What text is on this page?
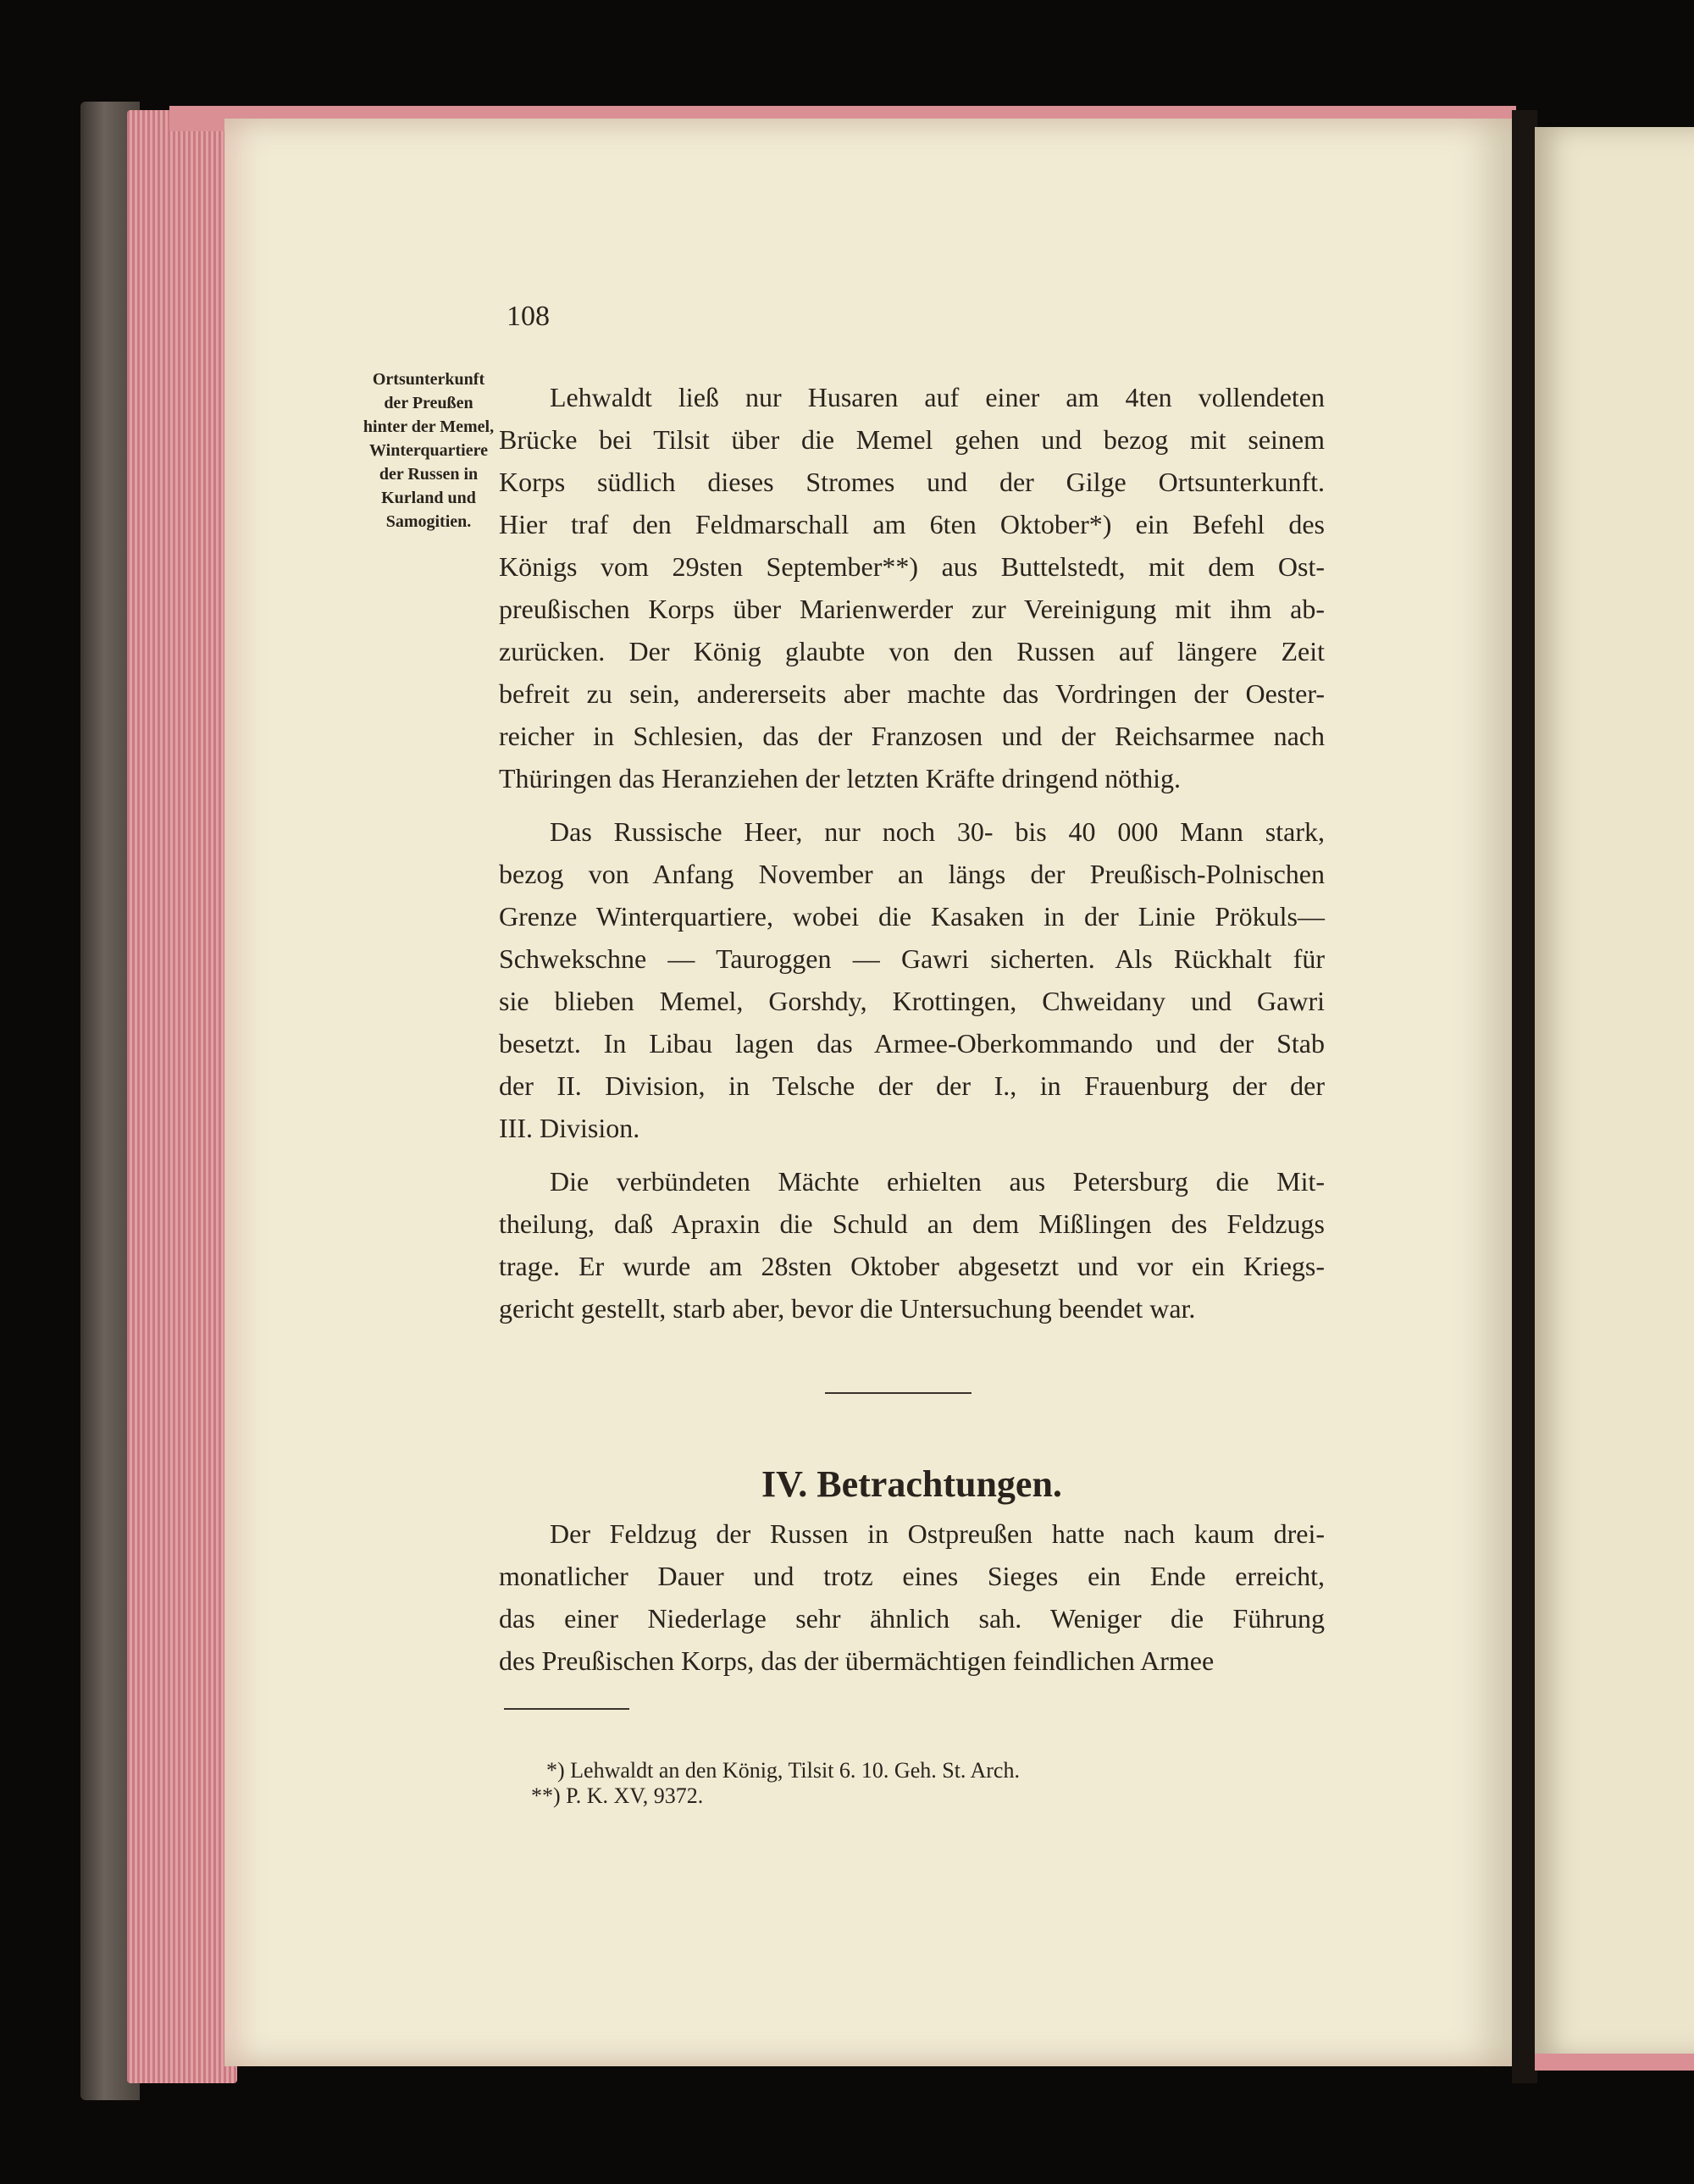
108
Ortsunterkunft
der Preußen
hinter der Memel,
Winterquartiere
der Russen in
Kurland und
Samogitien.
Lehwaldt ließ nur Husaren auf einer am 4ten vollendeten
Brücke bei Tilsit über die Memel gehen und bezog mit seinem
Korps südlich dieses Stromes und der Gilge Ortsunterkunft.
Hier traf den Feldmarschall am 6ten Oktober*) ein Befehl des
Königs vom 29sten September**) aus Buttelstedt, mit dem Ost-
preußischen Korps über Marienwerder zur Vereinigung mit ihm ab-
zurücken. Der König glaubte von den Russen auf längere Zeit
befreit zu sein, andererseits aber machte das Vordringen der Oester-
reicher in Schlesien, das der Franzosen und der Reichsarmee nach
Thüringen das Heranziehen der letzten Kräfte dringend nöthig.
Das Russische Heer, nur noch 30- bis 40 000 Mann stark,
bezog von Anfang November an längs der Preußisch-Polnischen
Grenze Winterquartiere, wobei die Kasaken in der Linie Prökuls—
Schwekschne — Tauroggen — Gawri sicherten. Als Rückhalt für
sie blieben Memel, Gorshdy, Krottingen, Chweidany und Gawri
besetzt. In Libau lagen das Armee-Oberkommando und der Stab
der II. Division, in Telsche der der I., in Frauenburg der der
III. Division.
Die verbündeten Mächte erhielten aus Petersburg die Mit-
theilung, daß Apraxin die Schuld an dem Mißlingen des Feldzugs
trage. Er wurde am 28sten Oktober abgesetzt und vor ein Kriegs-
gericht gestellt, starb aber, bevor die Untersuchung beendet war.
IV. Betrachtungen.
Der Feldzug der Russen in Ostpreußen hatte nach kaum drei-
monatlicher Dauer und trotz eines Sieges ein Ende erreicht,
das einer Niederlage sehr ähnlich sah. Weniger die Führung
des Preußischen Korps, das der übermächtigen feindlichen Armee
*) Lehwaldt an den König, Tilsit 6. 10. Geh. St. Arch.
**) P. K. XV, 9372.
